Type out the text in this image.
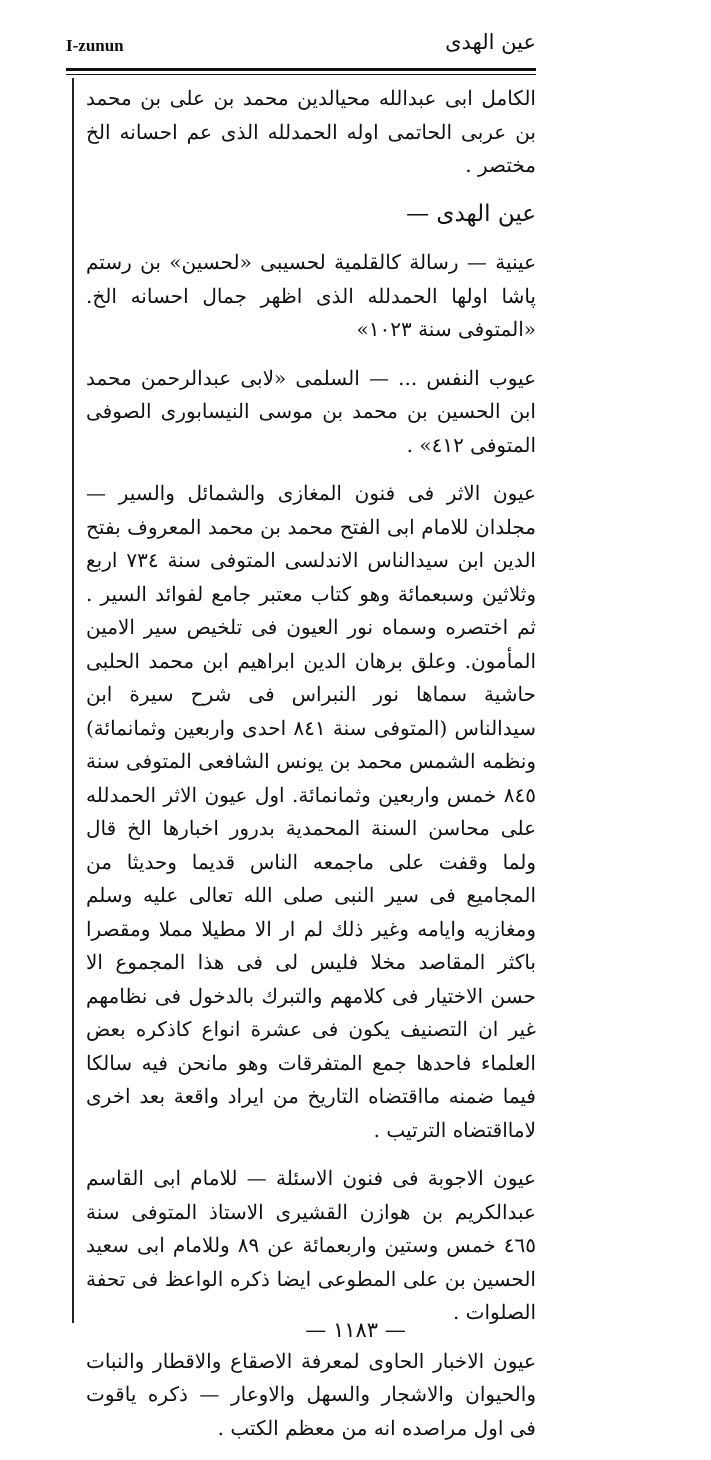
I-zunun	عين الهدى

الكامل ابى عبدالله محيالدين محمد بن على بن محمد بن عربى الحاتمى اوله الحمدلله الذى عم احسانه الخ مختصر .

عين الهدى —

عينية — رسالة كالقلمية لحسيبى «لحسين» بن رستم پاشا اولها الحمدلله الذى اظهر جمال احسانه الخ. «المتوفى سنة ١٠٢٣»

عيوب النفس ... — السلمى «لابى عبدالرحمن محمد ابن الحسين بن محمد بن موسى النيسابورى الصوفى المتوفى ٤١٢» .

عيون الاثر فى فنون المغازى والشمائل والسير — مجلدان للامام ابى الفتح محمد بن محمد المعروف بفتح الدين ابن سيدالناس الاندلسى المتوفى سنة ٧٣٤ اربع وثلاثين وسبعمائة وهو كتاب معتبر جامع لفوائد السير . ثم اختصره وسماه نور العيون فى تلخيص سير الامين المأمون. وعلق برهان الدين ابراهيم ابن محمد الحلبى حاشية سماها نور النبراس فى شرح سيرة ابن سيدالناس (المتوفى سنة ٨٤١ احدى واربعين وثمانمائة) ونظمه الشمس محمد بن يونس الشافعى المتوفى سنة ٨٤٥ خمس واربعين وثمانمائة. اول عيون الاثر الحمدلله على محاسن السنة المحمدية بدرور اخبارها الخ قال ولما وقفت على ماجمعه الناس قديما وحديثا من المجاميع فى سير النبى صلى الله تعالى عليه وسلم ومغازيه وايامه وغير ذلك لم ار الا مطيلا مملا ومقصرا باكثر المقاصد مخلا فليس لى فى هذا المجموع الا حسن الاختيار فى كلامهم والتبرك بالدخول فى نظامهم غير ان التصنيف يكون فى عشرة انواع كاذكره بعض العلماء فاحدها جمع المتفرقات وهو مانحن فيه سالكا فيما ضمنه مااقتضاه التاريخ من ايراد واقعة بعد اخرى لامااقتضاه الترتيب .

عيون الاجوبة فى فنون الاسئلة — للامام ابى القاسم عبدالكريم بن هوازن القشيرى الاستاذ المتوفى سنة ٤٦٥ خمس وستين واربعمائة عن ٨٩ وللامام ابى سعيد الحسين بن على المطوعى ايضا ذكره الواعظ فى تحفة الصلوات .

عيون الاخبار الحاوى لمعرفة الاصقاع والاقطار والنبات والحيوان والاشجار والسهل والاوعار — ذكره ياقوت فى اول مراصده انه من معظم الكتب .

— ١١٨٣ —
